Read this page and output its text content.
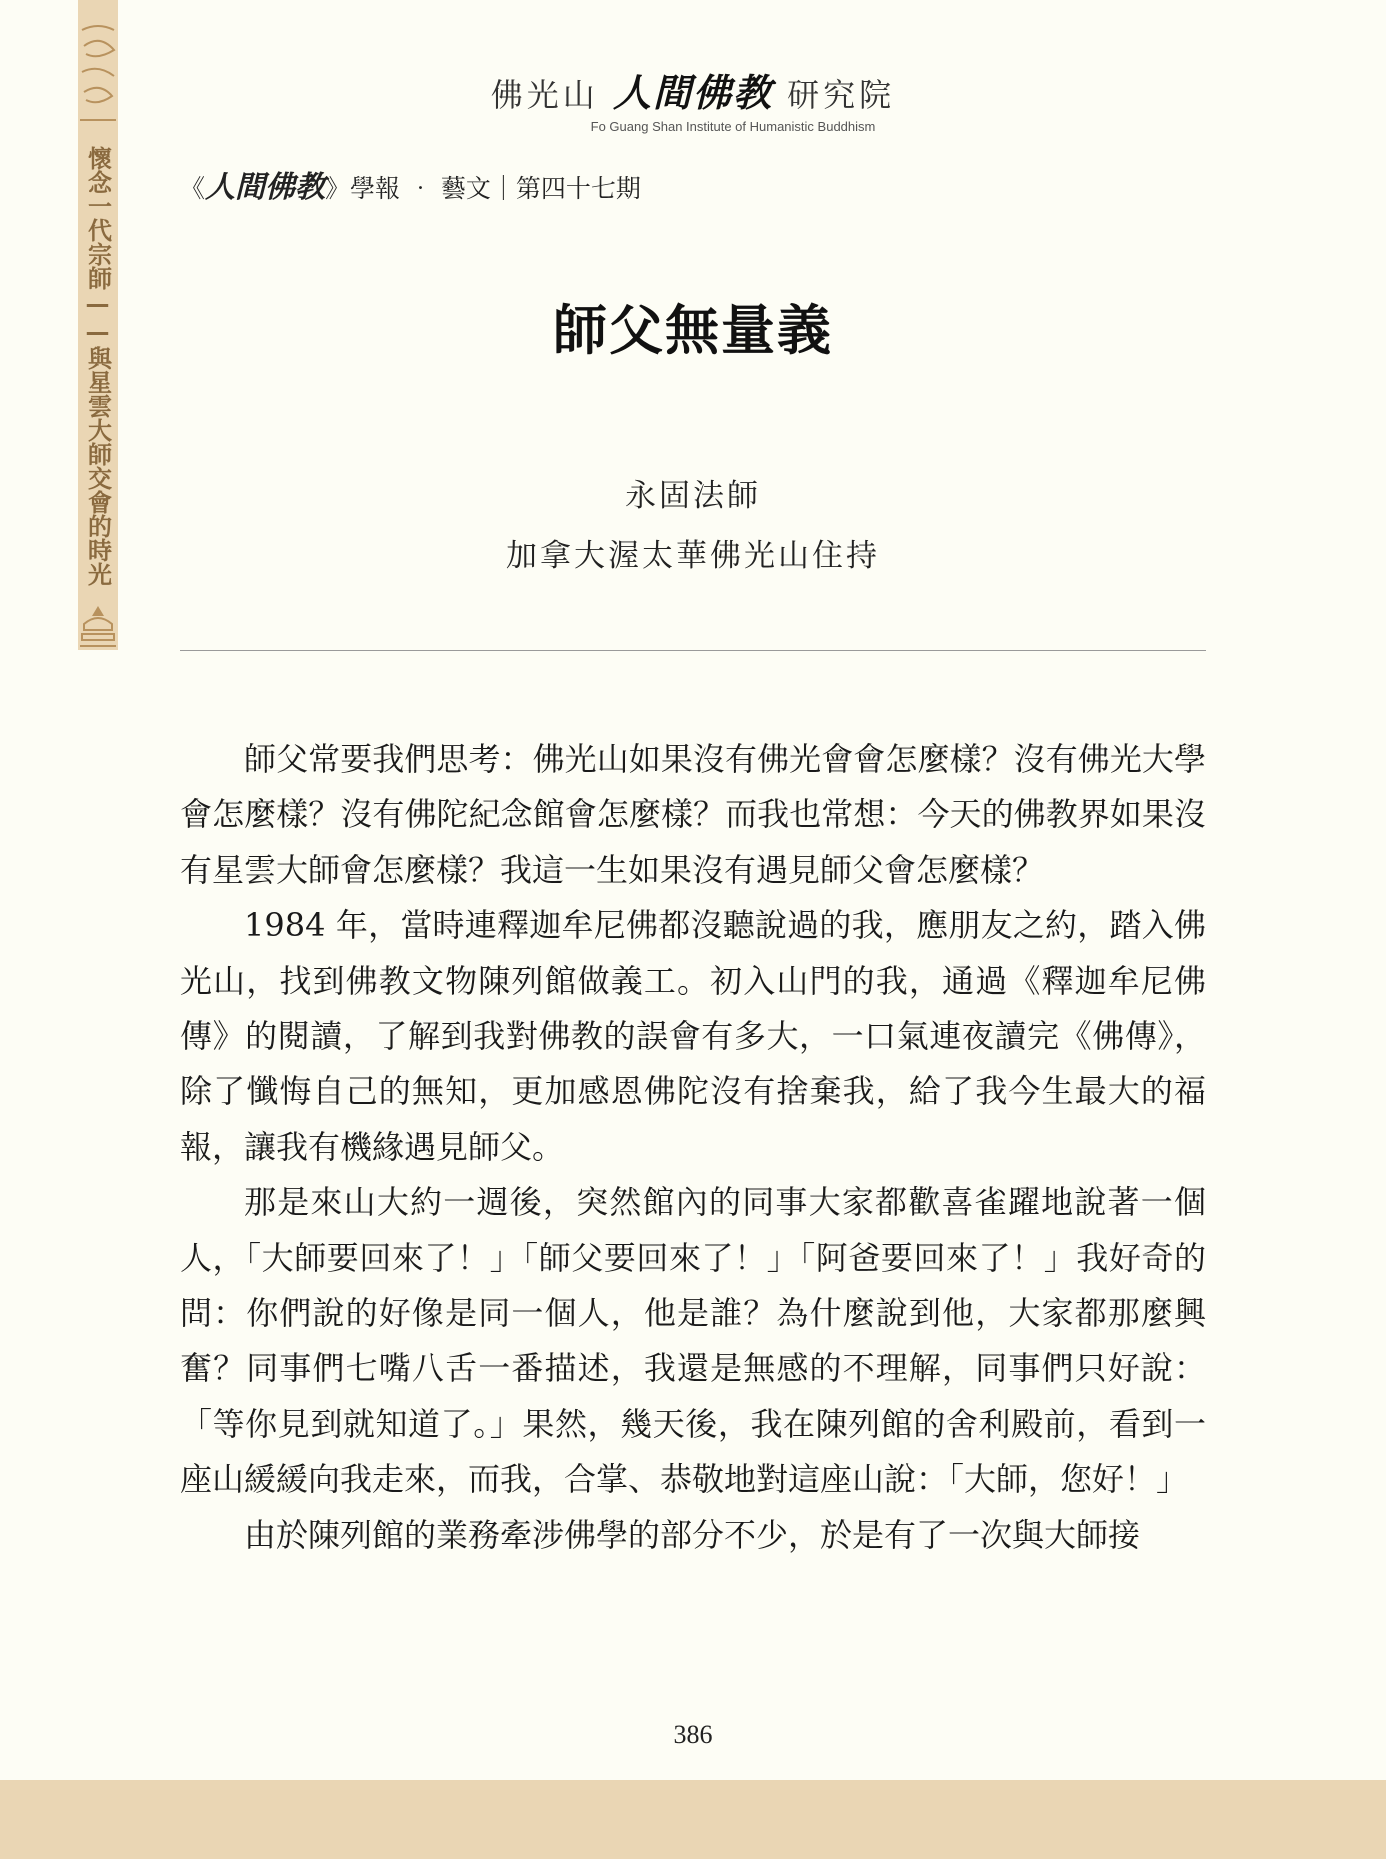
懷念一代宗師——與星雲大師交會的時光
佛光山 人間佛教 研究院
Fo Guang Shan Institute of Humanistic Buddhism
《人間佛教》學報 ‧ 藝文｜第四十七期
師父無量義
永固法師
加拿大渥太華佛光山住持

師父常要我們思考：佛光山如果沒有佛光會會怎麼樣？沒有佛光大學會怎麼樣？沒有佛陀紀念館會怎麼樣？而我也常想：今天的佛教界如果沒有星雲大師會怎麼樣？我這一生如果沒有遇見師父會怎麼樣？

1984 年，當時連釋迦牟尼佛都沒聽說過的我，應朋友之約，踏入佛光山，找到佛教文物陳列館做義工。初入山門的我，通過《釋迦牟尼佛傳》的閱讀，了解到我對佛教的誤會有多大，一口氣連夜讀完《佛傳》，除了懺悔自己的無知，更加感恩佛陀沒有捨棄我，給了我今生最大的福報，讓我有機緣遇見師父。

那是來山大約一週後，突然館內的同事大家都歡喜雀躍地說著一個人，「大師要回來了！」「師父要回來了！」「阿爸要回來了！」我好奇的問：你們說的好像是同一個人，他是誰？為什麼說到他，大家都那麼興奮？同事們七嘴八舌一番描述，我還是無感的不理解，同事們只好說：「等你見到就知道了。」果然，幾天後，我在陳列館的舍利殿前，看到一座山緩緩向我走來，而我，合掌、恭敬地對這座山說：「大師，您好！」

由於陳列館的業務牽涉佛學的部分不少，於是有了一次與大師接

386
